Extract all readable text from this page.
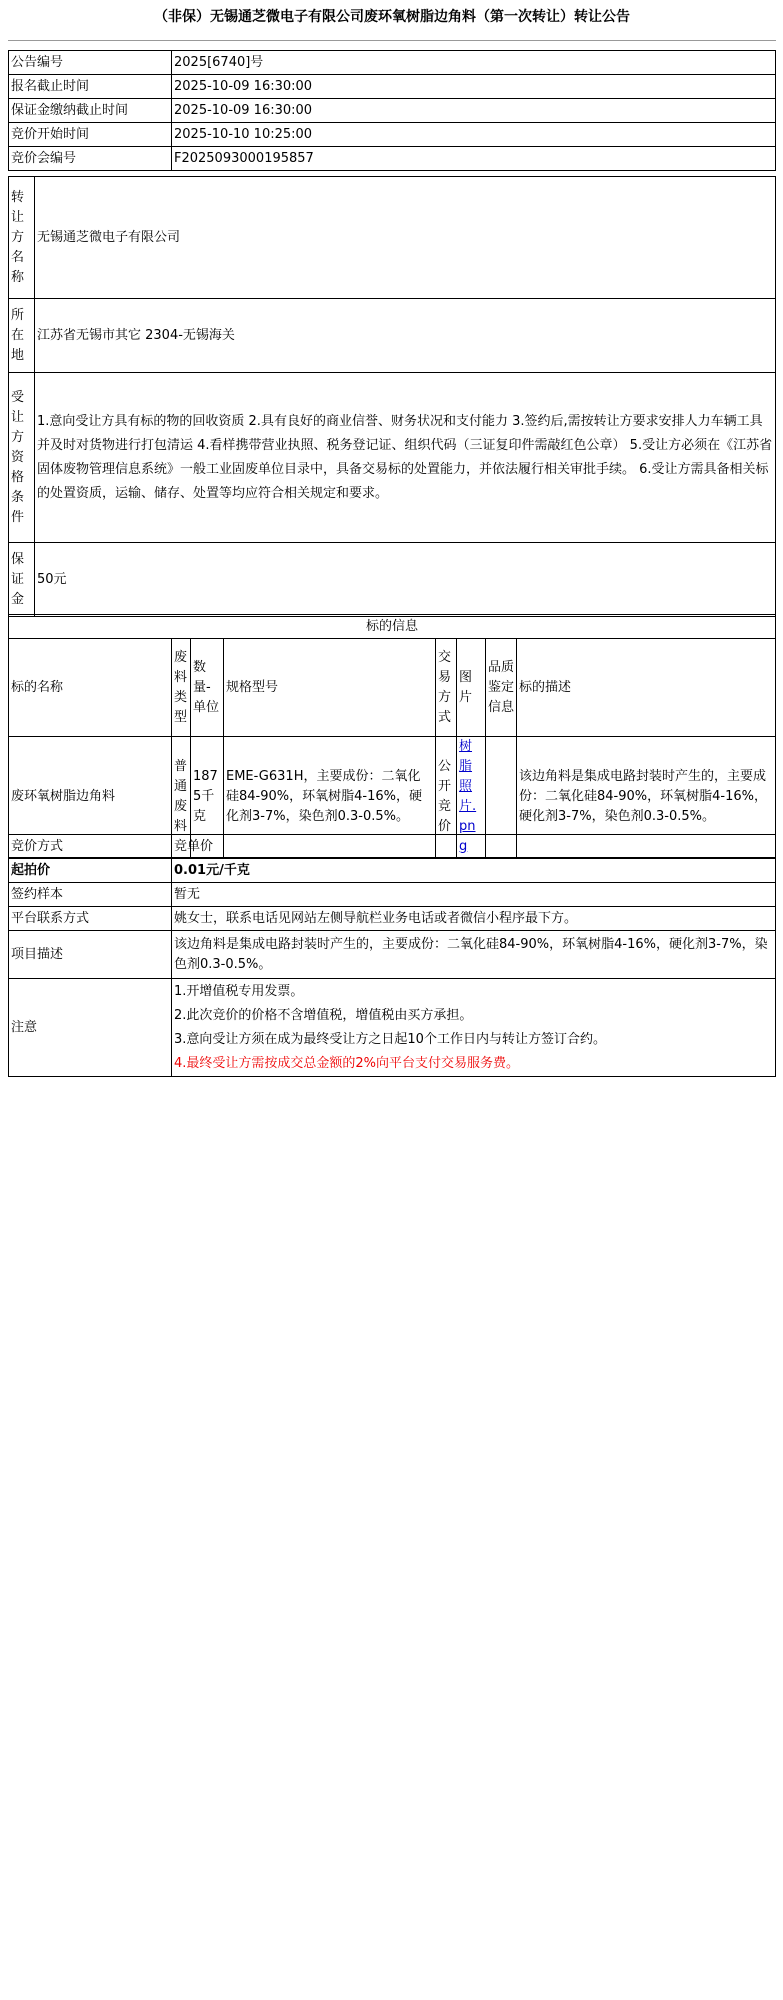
（非保）无锡通芝微电子有限公司废环氧树脂边角料（第一次转让）转让公告
公告编号	2025[6740]号
报名截止时间	2025-10-09 16:30:00
保证金缴纳截止时间	2025-10-09 16:30:00
竞价开始时间	2025-10-10 10:25:00
竞价会编号	F2025093000195857
转让方名称	无锡通芝微电子有限公司
所在地	江苏省无锡市其它 2304-无锡海关
受让方资格条件	1.意向受让方具有标的物的回收资质 2.具有良好的商业信誉、财务状况和支付能力 3.签约后,需按转让方要求安排人力车辆工具并及时对货物进行打包清运 4.看样携带营业执照、税务登记证、组织代码（三证复印件需敲红色公章） 5.受让方必须在《江苏省固体废物管理信息系统》一般工业固废单位目录中，具备交易标的处置能力，并依法履行相关审批手续。 6.受让方需具备相关标的处置资质，运输、储存、处置等均应符合相关规定和要求。
保证金	50元
标的信息							
标的名称	废料类型	数量-单位	规格型号	交易方式	图片	品质鉴定信息	标的描述
废环氧树脂边角料	普通废料	1875千克	EME-G631H，主要成份：二氧化硅84-90%，环氧树脂4-16%，硬化剂3-7%，染色剂0.3-0.5%。	公开竞价	树脂照片.png		该边角料是集成电路封装时产生的，主要成份：二氧化硅84-90%，环氧树脂4-16%，硬化剂3-7%，染色剂0.3-0.5%。
竞价方式	竞单价
起拍价	0.01元/千克
签约样本	暂无
平台联系方式	姚女士，联系电话见网站左侧导航栏业务电话或者微信小程序最下方。
项目描述	该边角料是集成电路封装时产生的，主要成份：二氧化硅84-90%，环氧树脂4-16%，硬化剂3-7%，染色剂0.3-0.5%。
注意	1.开增值税专用发票。
2.此次竞价的价格不含增值税，增值税由买方承担。
3.意向受让方须在成为最终受让方之日起10个工作日内与转让方签订合约。
4.最终受让方需按成交总金额的2%向平台支付交易服务费。
